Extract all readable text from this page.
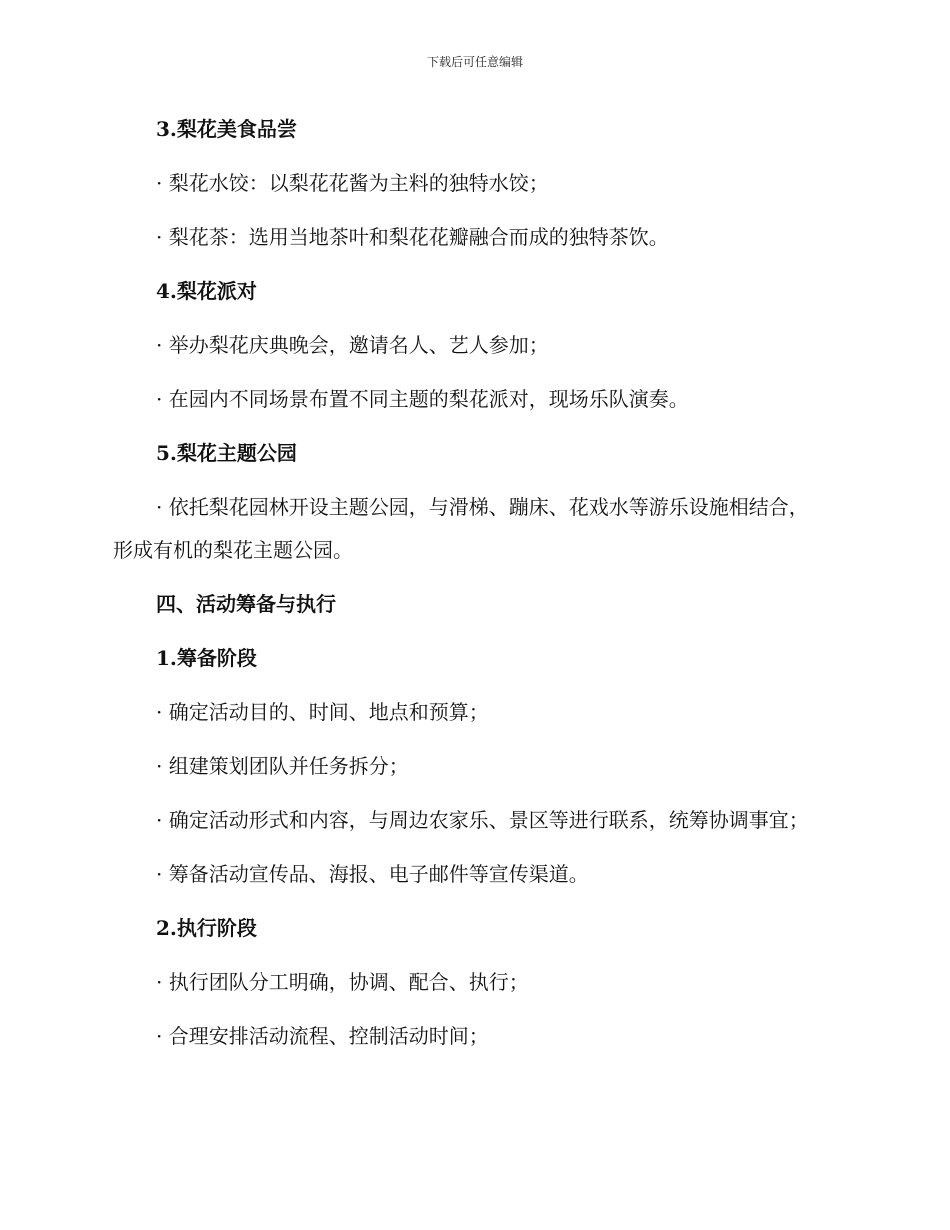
下载后可任意编辑
3.梨花美食品尝
· 梨花水饺：以梨花花酱为主料的独特水饺；
· 梨花茶：选用当地茶叶和梨花花瓣融合而成的独特茶饮。
4.梨花派对
· 举办梨花庆典晚会，邀请名人、艺人参加；
· 在园内不同场景布置不同主题的梨花派对，现场乐队演奏。
5.梨花主题公园
· 依托梨花园林开设主题公园，与滑梯、蹦床、花戏水等游乐设施相结合，形成有机的梨花主题公园。
四、活动筹备与执行
1.筹备阶段
· 确定活动目的、时间、地点和预算；
· 组建策划团队并任务拆分；
· 确定活动形式和内容，与周边农家乐、景区等进行联系，统筹协调事宜；
· 筹备活动宣传品、海报、电子邮件等宣传渠道。
2.执行阶段
· 执行团队分工明确，协调、配合、执行；
· 合理安排活动流程、控制活动时间；
